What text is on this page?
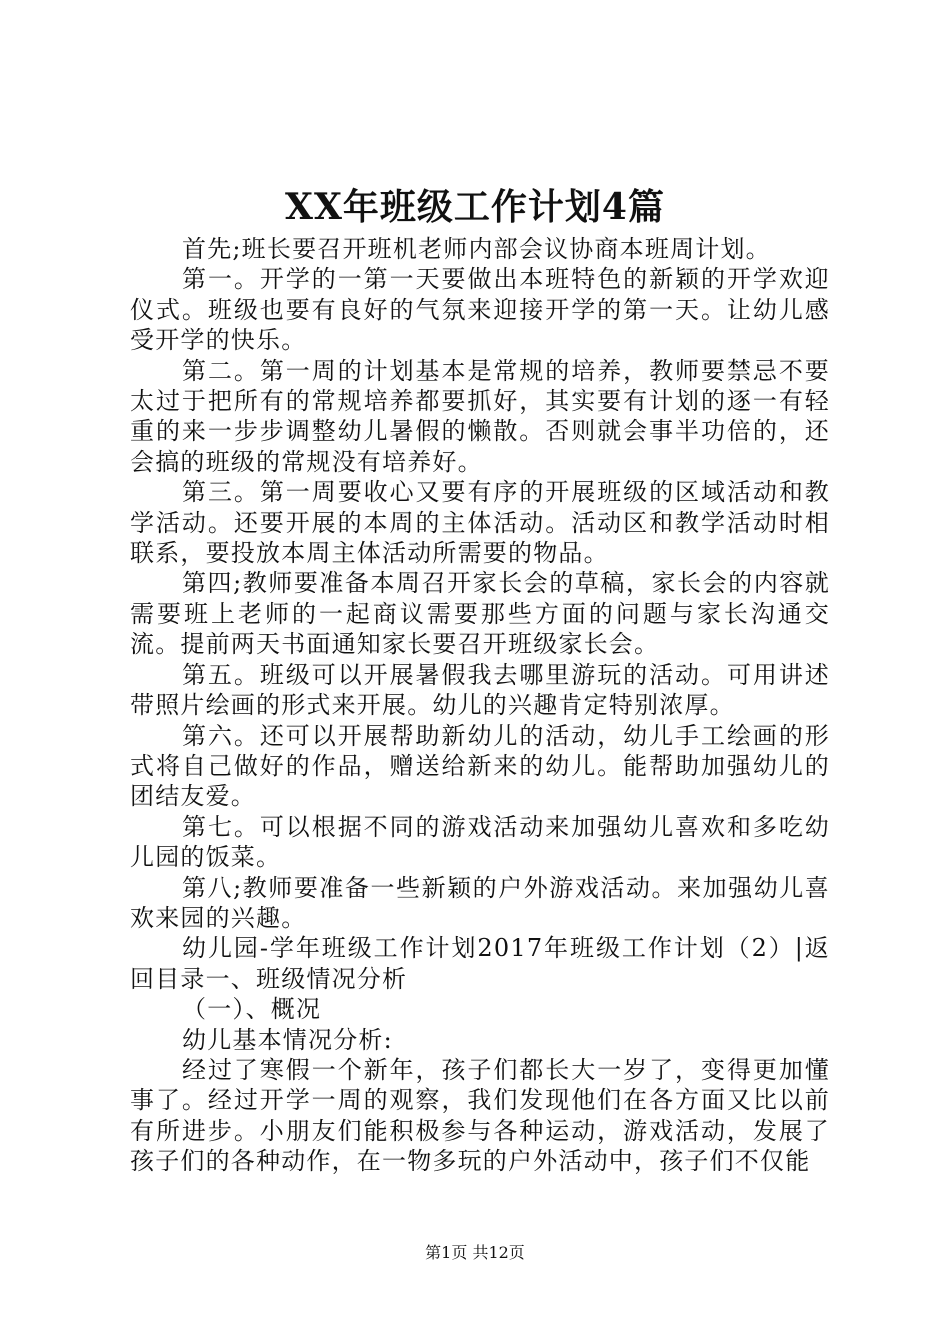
XX年班级工作计划4篇

首先;班长要召开班机老师内部会议协商本班周计划。

第一。开学的一第一天要做出本班特色的新颖的开学欢迎仪式。班级也要有良好的气氛来迎接开学的第一天。让幼儿感受开学的快乐。

第二。第一周的计划基本是常规的培养，教师要禁忌不要太过于把所有的常规培养都要抓好，其实要有计划的逐一有轻重的来一步步调整幼儿暑假的懒散。否则就会事半功倍的，还会搞的班级的常规没有培养好。

第三。第一周要收心又要有序的开展班级的区域活动和教学活动。还要开展的本周的主体活动。活动区和教学活动时相联系，要投放本周主体活动所需要的物品。

第四;教师要准备本周召开家长会的草稿，家长会的内容就需要班上老师的一起商议需要那些方面的问题与家长沟通交流。提前两天书面通知家长要召开班级家长会。

第五。班级可以开展暑假我去哪里游玩的活动。可用讲述带照片绘画的形式来开展。幼儿的兴趣肯定特别浓厚。

第六。还可以开展帮助新幼儿的活动，幼儿手工绘画的形式将自己做好的作品，赠送给新来的幼儿。能帮助加强幼儿的团结友爱。

第七。可以根据不同的游戏活动来加强幼儿喜欢和多吃幼儿园的饭菜。

第八;教师要准备一些新颖的户外游戏活动。来加强幼儿喜欢来园的兴趣。

幼儿园-学年班级工作计划2017年班级工作计划（2）|返回目录一、班级情况分析

（一）、概况

幼儿基本情况分析:

经过了寒假一个新年，孩子们都长大一岁了，变得更加懂事了。经过开学一周的观察，我们发现他们在各方面又比以前有所进步。小朋友们能积极参与各种运动，游戏活动，发展了孩子们的各种动作，在一物多玩的户外活动中，孩子们不仅能

第1页 共12页
